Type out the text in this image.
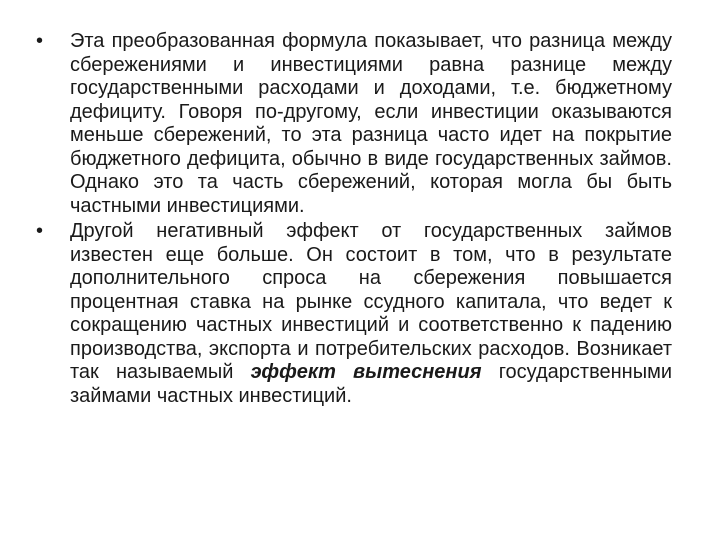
•	Эта преобразованная формула показывает, что разница между сбережениями и инвестициями равна разнице между государственными расходами и доходами, т.е. бюджетному дефициту. Говоря по-другому, если инвестиции оказываются меньше сбережений, то эта разница часто идет на покрытие бюджетного дефицита, обычно в виде государственных займов. Однако это та часть сбережений, которая могла бы быть частными инвестициями.
•	Другой негативный эффект от государственных займов известен еще больше. Он состоит в том, что в результате дополнительного спроса на сбережения повышается процентная ставка на рынке ссудного капитала, что ведет к сокращению частных инвестиций и соответственно к падению производства, экспорта и потребительских расходов. Возникает так называемый эффект вытеснения государственными займами частных инвестиций.
